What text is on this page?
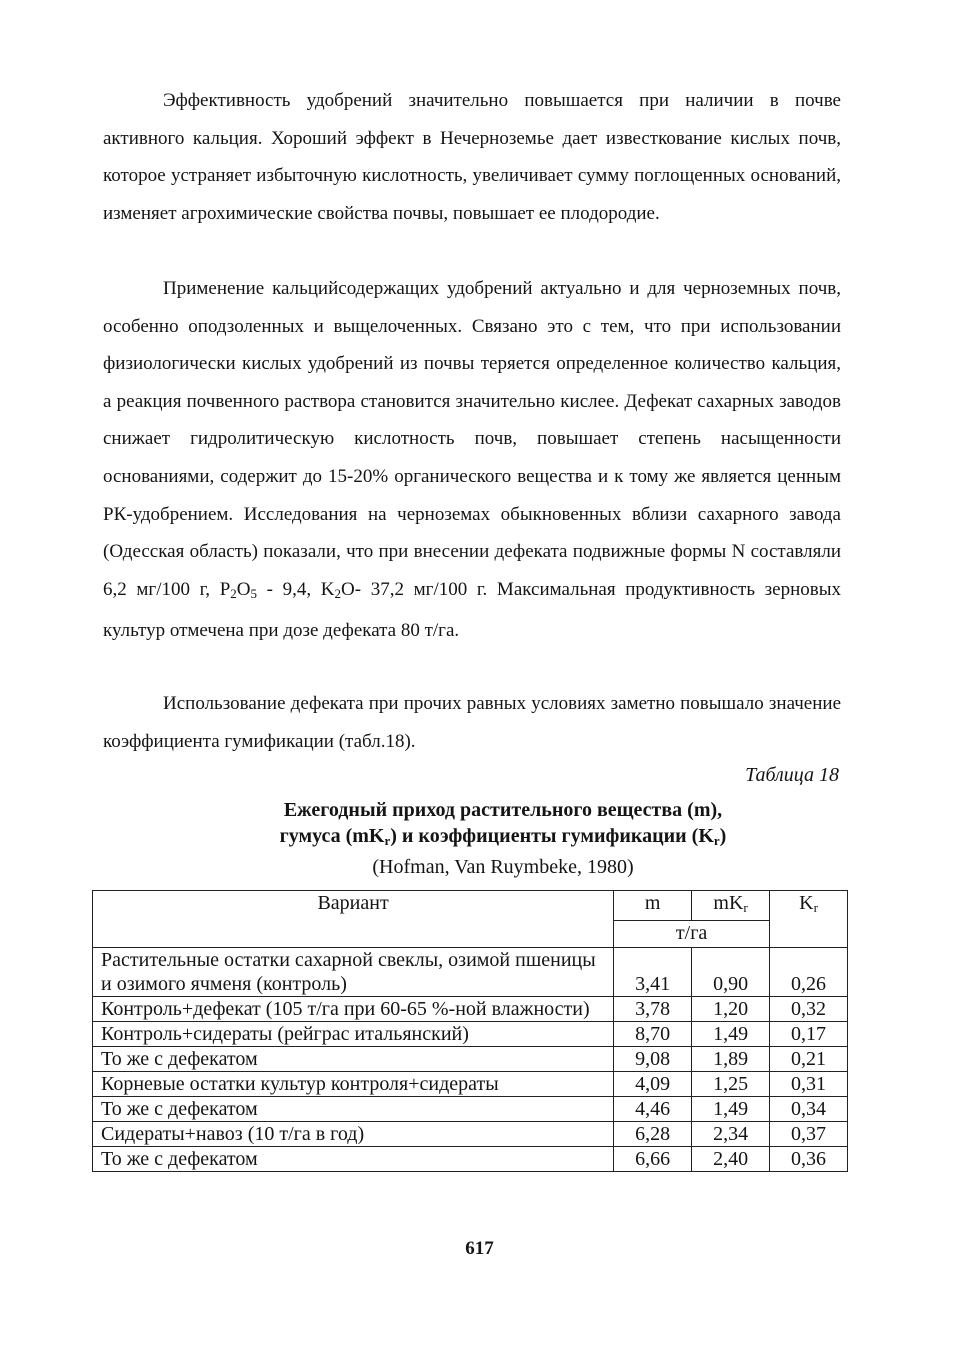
Эффективность удобрений значительно повышается при наличии в почве активного кальция. Хороший эффект в Нечерноземье дает известкование кислых почв, которое устраняет избыточную кислотность, увеличивает сумму поглощенных оснований, изменяет агрохимические свойства почвы, повышает ее плодородие.

Применение кальцийсодержащих удобрений актуально и для черноземных почв, особенно оподзоленных и выщелоченных. Связано это с тем, что при использовании физиологически кислых удобрений из почвы теряется определенное количество кальция, а реакция почвенного раствора становится значительно кислее. Дефекат сахарных заводов снижает гидролитическую кислотность почв, повышает степень насыщенности основаниями, содержит до 15-20% органического вещества и к тому же является ценным РК-удобрением. Исследования на черноземах обыкновенных вблизи сахарного завода (Одесская область) показали, что при внесении дефеката подвижные формы N составляли 6,2 мг/100 г, $P_2O_5 - 9,4$, $K_2O-$ 37,2 мг/100 г. Максимальная продуктивность зерновых культур отмечена при дозе дефеката 80 т/га.

Использование дефеката при прочих равных условиях заметно повышало значение коэффициента гумификации (табл.18).

Таблица 18
Ежегодный приход растительного вещества (m),
гумуса $(mK_r)$ и коэффициенты гумификации $(K_r)$
(Hofman, Van Ruymbeke, 1980)
Вариант	m	$mK_r$	$K_r$
	т/га		
Растительные остатки сахарной свеклы, озимой пшеницы и озимого ячменя (контроль)	3,41	0,90	0,26
Контроль+дефекат (105 т/га при 60-65 %-ной влажности)	3,78	1,20	0,32
Контроль+сидераты (рейграс итальянский)	8,70	1,49	0,17
То же с дефекатом	9,08	1,89	0,21
Корневые остатки культур контроля+сидераты	4,09	1,25	0,31
То же с дефекатом	4,46	1,49	0,34
Сидераты+навоз (10 т/га в год)	6,28	2,34	0,37
То же с дефекатом	6,66	2,40	0,36
617
